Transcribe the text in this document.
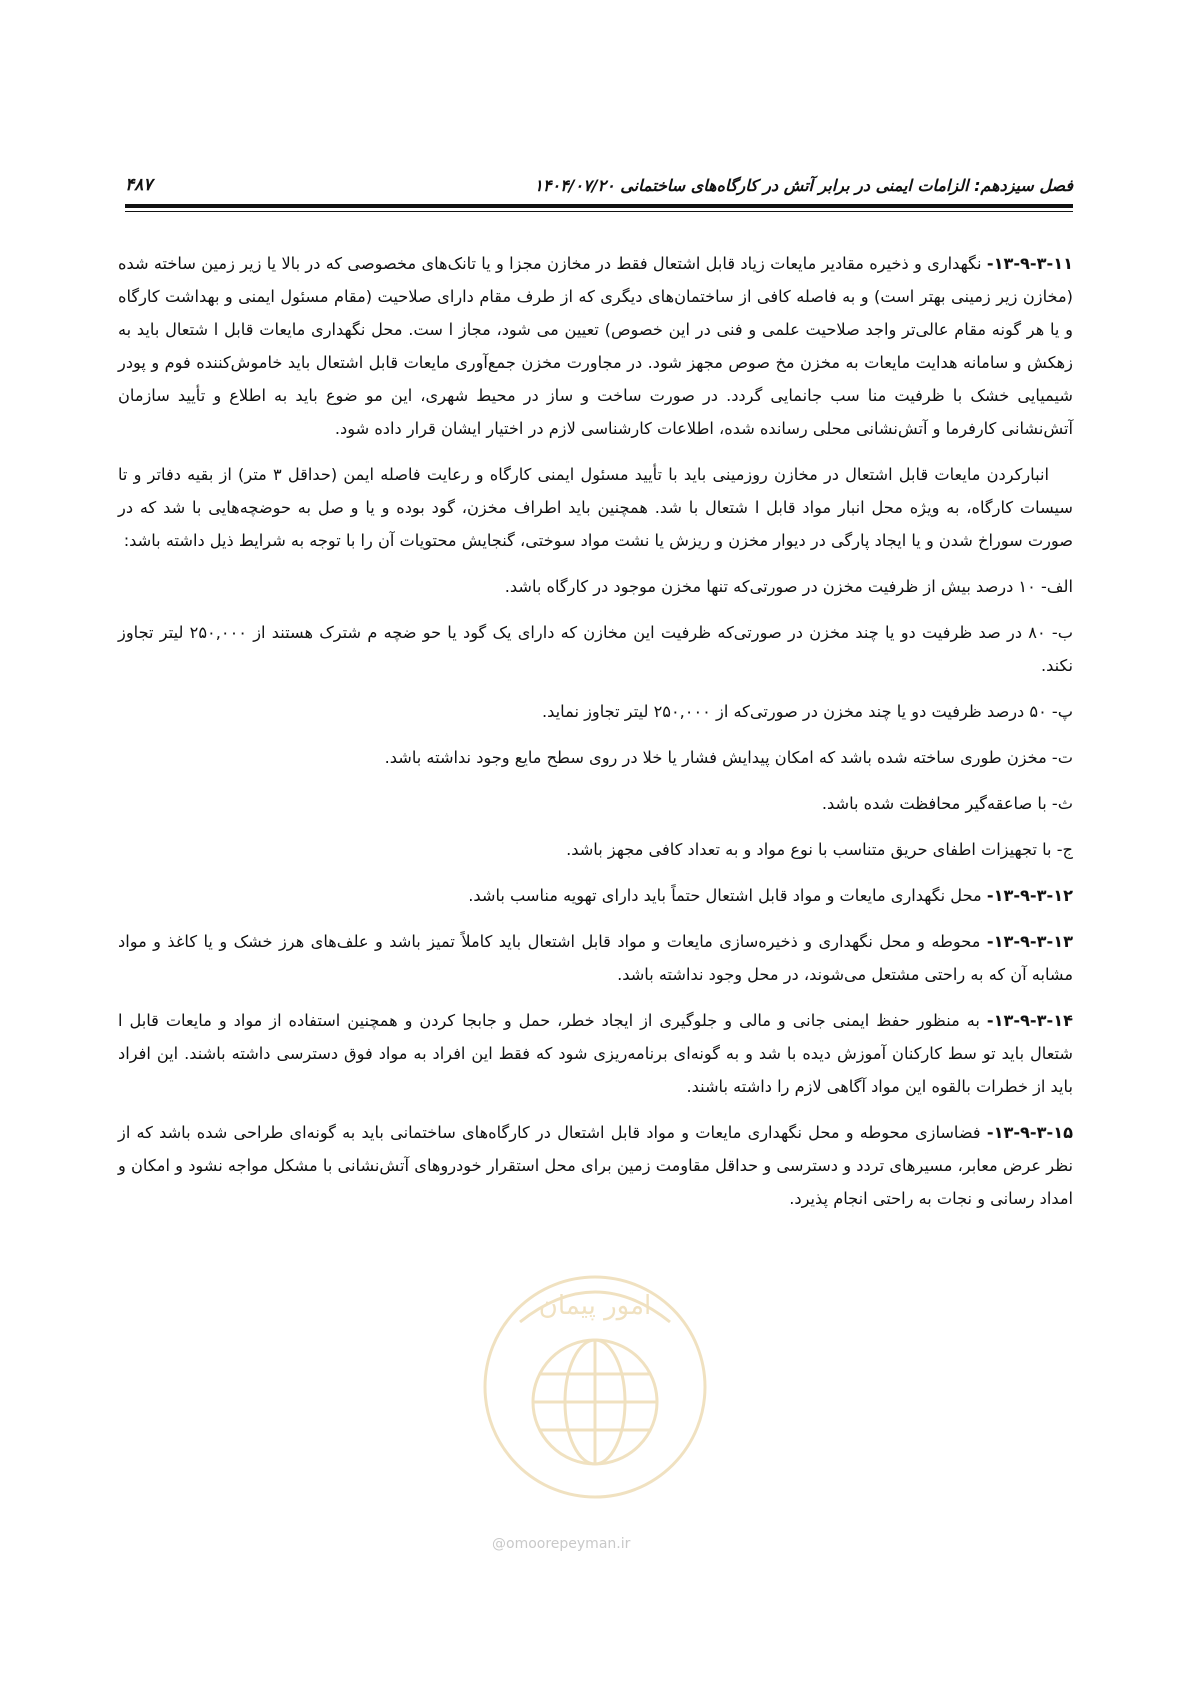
فصل سیزدهم: الزامات ایمنی در برابر آتش در کارگاه‌های ساختمانی ۱۴۰۴/۰۷/۲۰
۴۸۷
امور پیمان
@omoorepeyman.ir

۱۳-۹-۳-۱۱- نگهداری و ذخیره مقادیر مایعات زیاد قابل اشتعال فقط در مخازن مجزا و یا تانک‌های مخصوصی که در بالا یا زیر زمین ساخته شده (مخازن زیر زمینی بهتر است) و به فاصله کافی از ساختمان‌های دیگری که از طرف مقام دارای صلاحیت (مقام مسئول ایمنی و بهداشت کارگاه و یا هر گونه مقام عالی‌تر واجد صلاحیت علمی و فنی در این خصوص) تعیین می شود، مجاز ا ست. محل نگهداری مایعات قابل ا شتعال باید به زهکش و سامانه هدایت مایعات به مخزن مخ صوص مجهز شود. در مجاورت مخزن جمع‌آوری مایعات قابل اشتعال باید خاموش‌کننده فوم و پودر شیمیایی خشک با ظرفیت منا سب جانمایی گردد. در صورت ساخت و ساز در محیط شهری، این مو ضوع باید به اطلاع و تأیید سازمان آتش‌نشانی کارفرما و آتش‌نشانی محلی رسانده شده، اطلاعات کارشناسی لازم در اختیار ایشان قرار داده شود.

انبارکردن مایعات قابل اشتعال در مخازن روزمینی باید با تأیید مسئول ایمنی کارگاه و رعایت فاصله ایمن (حداقل ۳ متر) از بقیه دفاتر و تا سیسات کارگاه، به ویژه محل انبار مواد قابل ا شتعال با شد. همچنین باید اطراف مخزن، گود بوده و یا و صل به حوضچه‌هایی با شد که در صورت سوراخ شدن و یا ایجاد پارگی در دیوار مخزن و ریزش یا نشت مواد سوختی، گنجایش محتویات آن را با توجه به شرایط ذیل داشته باشد:

الف- ۱۰ درصد بیش از ظرفیت مخزن در صورتی‌که تنها مخزن موجود در کارگاه باشد.

ب- ۸۰ در صد ظرفیت دو یا چند مخزن در صورتی‌که ظرفیت این مخازن که دارای یک گود یا حو ضچه م شترک هستند از ۲۵۰,۰۰۰ لیتر تجاوز نکند.

پ- ۵۰ درصد ظرفیت دو یا چند مخزن در صورتی‌که از ۲۵۰,۰۰۰ لیتر تجاوز نماید.

ت- مخزن طوری ساخته شده باشد که امکان پیدایش فشار یا خلا در روی سطح مایع وجود نداشته باشد.

ث- با صاعقه‌گیر محافظت شده باشد.

ج- با تجهیزات اطفای حریق متناسب با نوع مواد و به تعداد کافی مجهز باشد.

۱۳-۹-۳-۱۲- محل نگهداری مایعات و مواد قابل اشتعال حتماً باید دارای تهویه مناسب باشد.

۱۳-۹-۳-۱۳- محوطه و محل نگهداری و ذخیره‌سازی مایعات و مواد قابل اشتعال باید کاملاً تمیز باشد و علف‌های هرز خشک و یا کاغذ و مواد مشابه آن که به راحتی مشتعل می‌شوند، در محل وجود نداشته باشد.

۱۳-۹-۳-۱۴- به منظور حفظ ایمنی جانی و مالی و جلوگیری از ایجاد خطر، حمل و جابجا کردن و همچنین استفاده از مواد و مایعات قابل ا شتعال باید تو سط کارکنان آموزش دیده با شد و به گونه‌ای برنامه‌ریزی شود که فقط این افراد به مواد فوق دسترسی داشته باشند. این افراد باید از خطرات بالقوه این مواد آگاهی لازم را داشته باشند.

۱۳-۹-۳-۱۵- فضاسازی محوطه و محل نگهداری مایعات و مواد قابل اشتعال در کارگاه‌های ساختمانی باید به گونه‌ای طراحی شده باشد که از نظر عرض معابر، مسیرهای تردد و دسترسی و حداقل مقاومت زمین برای محل استقرار خودروهای آتش‌نشانی با مشکل مواجه نشود و امکان و امداد رسانی و نجات به راحتی انجام پذیرد.
